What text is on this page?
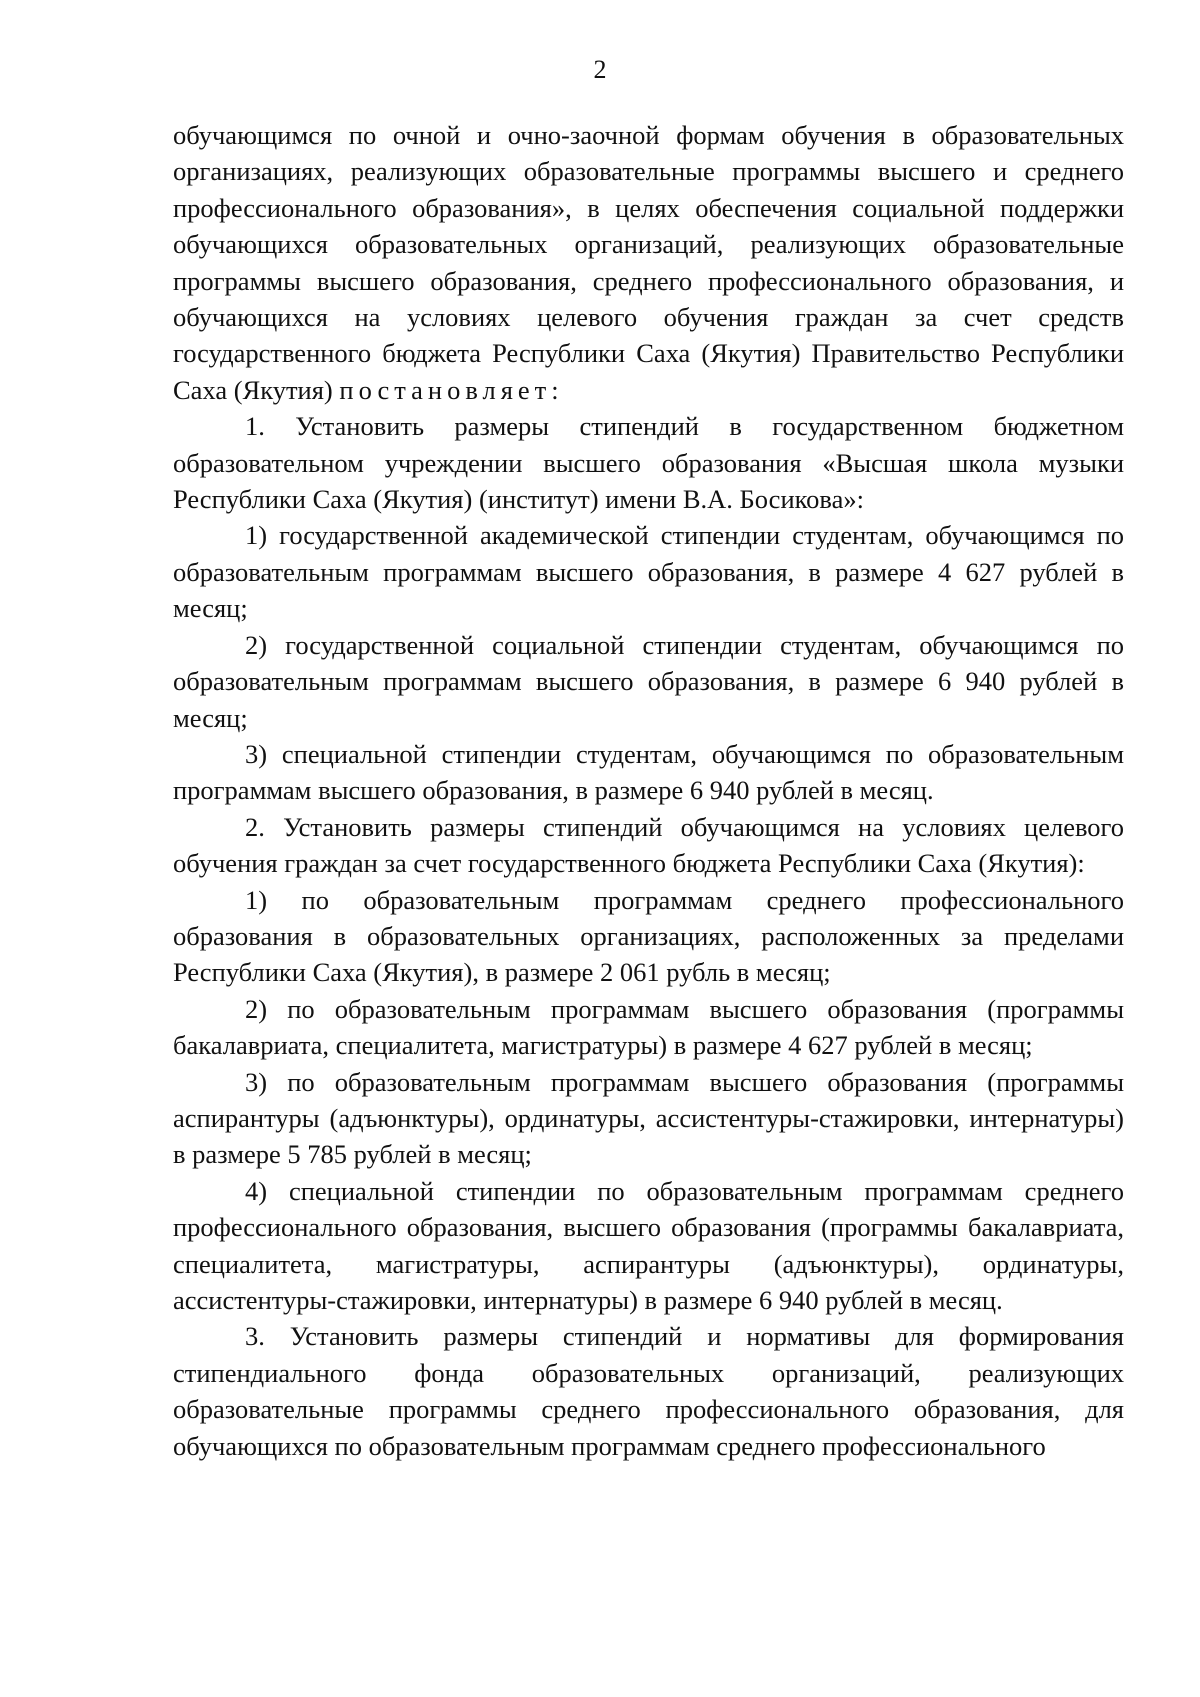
2

обучающимся по очной и очно-заочной формам обучения в образовательных организациях, реализующих образовательные программы высшего и среднего профессионального образования», в целях обеспечения социальной поддержки обучающихся образовательных организаций, реализующих образовательные программы высшего образования, среднего профессионального образования, и обучающихся на условиях целевого обучения граждан за счет средств государственного бюджета Республики Саха (Якутия) Правительство Республики Саха (Якутия) постановляет:

1. Установить размеры стипендий в государственном бюджетном образовательном учреждении высшего образования «Высшая школа музыки Республики Саха (Якутия) (институт) имени В.А. Босикова»:

1) государственной академической стипендии студентам, обучающимся по образовательным программам высшего образования, в размере 4 627 рублей в месяц;

2) государственной социальной стипендии студентам, обучающимся по образовательным программам высшего образования, в размере 6 940 рублей в месяц;

3) специальной стипендии студентам, обучающимся по образовательным программам высшего образования, в размере 6 940 рублей в месяц.

2. Установить размеры стипендий обучающимся на условиях целевого обучения граждан за счет государственного бюджета Республики Саха (Якутия):

1) по образовательным программам среднего профессионального образования в образовательных организациях, расположенных за пределами Республики Саха (Якутия), в размере 2 061 рубль в месяц;

2) по образовательным программам высшего образования (программы бакалавриата, специалитета, магистратуры) в размере 4 627 рублей в месяц;

3) по образовательным программам высшего образования (программы аспирантуры (адъюнктуры), ординатуры, ассистентуры-стажировки, интернатуры) в размере 5 785 рублей в месяц;

4) специальной стипендии по образовательным программам среднего профессионального образования, высшего образования (программы бакалавриата, специалитета, магистратуры, аспирантуры (адъюнктуры), ординатуры, ассистентуры-стажировки, интернатуры) в размере 6 940 рублей в месяц.

3. Установить размеры стипендий и нормативы для формирования стипендиального фонда образовательных организаций, реализующих образовательные программы среднего профессионального образования, для обучающихся по образовательным программам среднего профессионального
